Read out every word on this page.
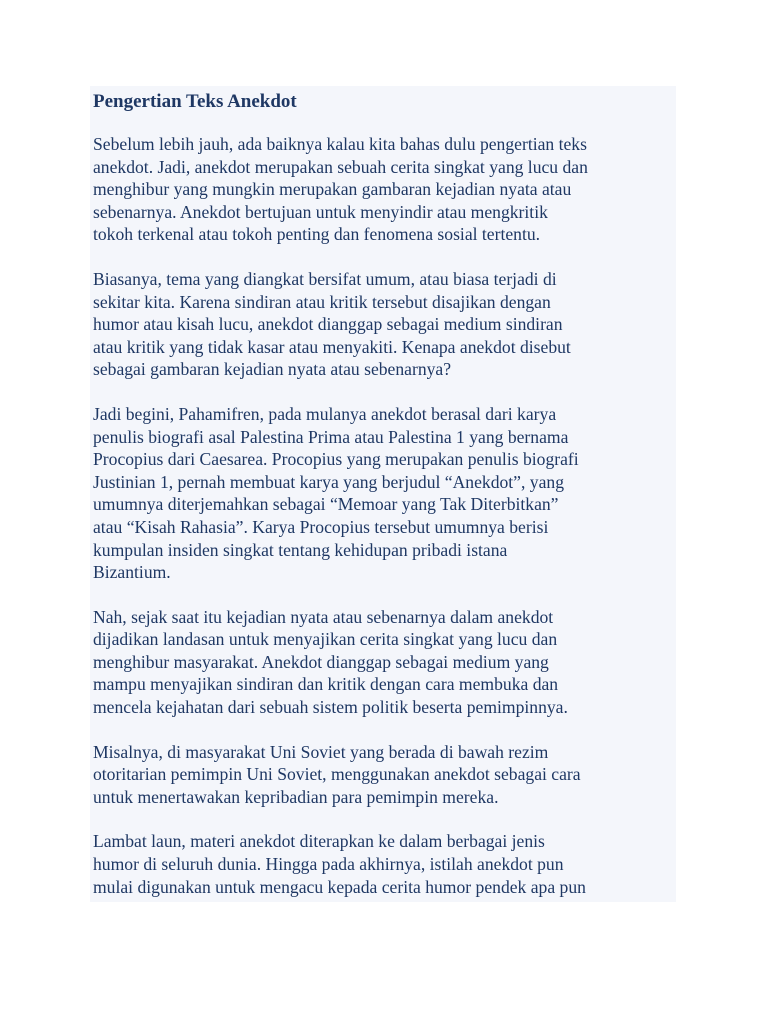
Pengertian Teks Anekdot

Sebelum lebih jauh, ada baiknya kalau kita bahas dulu pengertian teks
anekdot. Jadi, anekdot merupakan sebuah cerita singkat yang lucu dan
menghibur yang mungkin merupakan gambaran kejadian nyata atau
sebenarnya. Anekdot bertujuan untuk menyindir atau mengkritik
tokoh terkenal atau tokoh penting dan fenomena sosial tertentu.

Biasanya, tema yang diangkat bersifat umum, atau biasa terjadi di
sekitar kita. Karena sindiran atau kritik tersebut disajikan dengan
humor atau kisah lucu, anekdot dianggap sebagai medium sindiran
atau kritik yang tidak kasar atau menyakiti. Kenapa anekdot disebut
sebagai gambaran kejadian nyata atau sebenarnya?

Jadi begini, Pahamifren, pada mulanya anekdot berasal dari karya
penulis biografi asal Palestina Prima atau Palestina 1 yang bernama
Procopius dari Caesarea. Procopius yang merupakan penulis biografi
Justinian 1, pernah membuat karya yang berjudul “Anekdot”, yang
umumnya diterjemahkan sebagai “Memoar yang Tak Diterbitkan”
atau “Kisah Rahasia”. Karya Procopius tersebut umumnya berisi
kumpulan insiden singkat tentang kehidupan pribadi istana
Bizantium.

Nah, sejak saat itu kejadian nyata atau sebenarnya dalam anekdot
dijadikan landasan untuk menyajikan cerita singkat yang lucu dan
menghibur masyarakat. Anekdot dianggap sebagai medium yang
mampu menyajikan sindiran dan kritik dengan cara membuka dan
mencela kejahatan dari sebuah sistem politik beserta pemimpinnya.

Misalnya, di masyarakat Uni Soviet yang berada di bawah rezim
otoritarian pemimpin Uni Soviet, menggunakan anekdot sebagai cara
untuk menertawakan kepribadian para pemimpin mereka.

Lambat laun, materi anekdot diterapkan ke dalam berbagai jenis
humor di seluruh dunia. Hingga pada akhirnya, istilah anekdot pun
mulai digunakan untuk mengacu kepada cerita humor pendek apa pun
